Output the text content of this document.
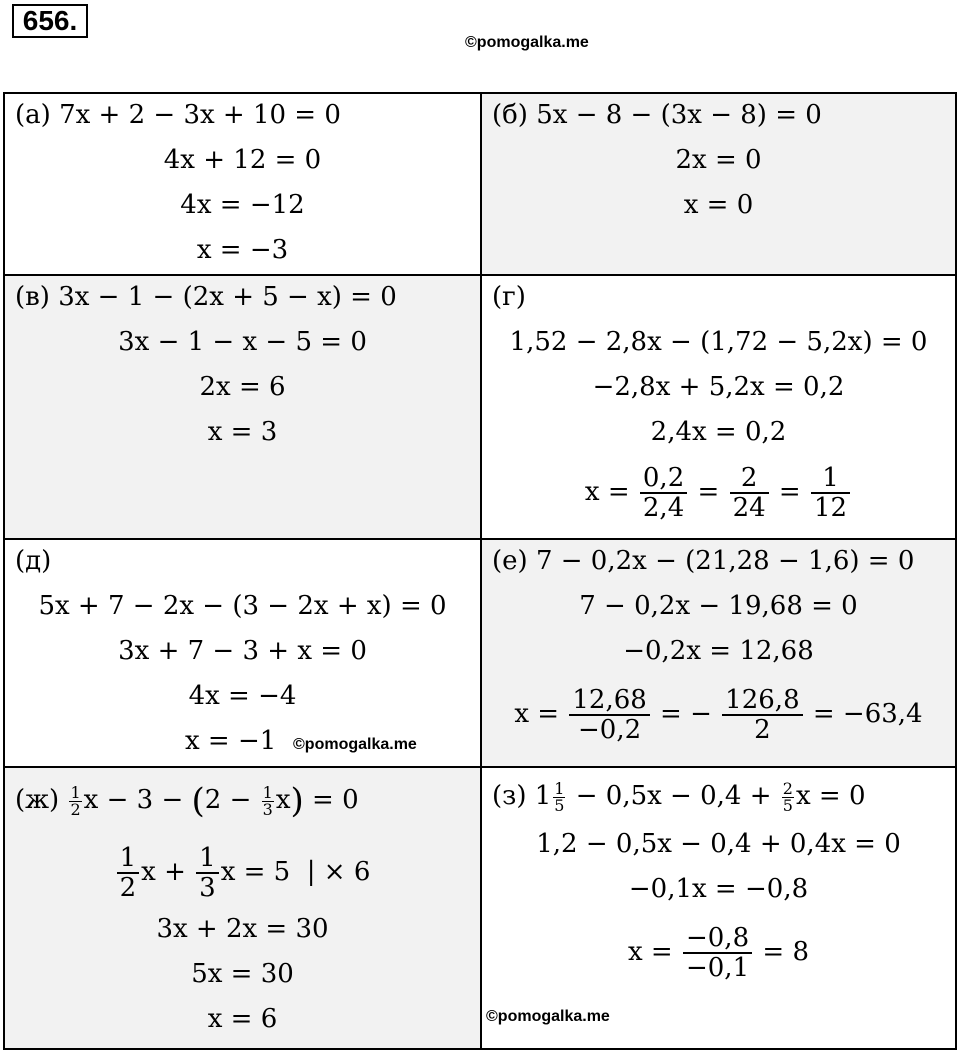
656.
©pomogalka.me
(а) 7x + 2 − 3x + 10 = 0
4x + 12 = 0
4x = −12
x = −3
(б) 5x − 8 − (3x − 8) = 0
2x = 0
x = 0
(в) 3x − 1 − (2x + 5 − x) = 0
3x − 1 − x − 5 = 0
2x = 6
x = 3
(г)
1,52 − 2,8x − (1,72 − 5,2x) = 0
−2,8x + 5,2x = 0,2
2,4x = 0,2
$x = \frac{0,2}{2,4} = \frac{2}{24} = \frac{1}{12}$
(д)
5x + 7 − 2x − (3 − 2x + x) = 0
3x + 7 − 3 + x = 0
4x = −4
x = −1 ©pomogalka.me
(е) 7 − 0,2x − (21,28 − 1,6) = 0
7 − 0,2x − 19,68 = 0
−0,2x = 12,68
$x = \frac{12,68}{-0,2}$ = − $\frac{126,8}{2} = -63,4$
$(ж) \frac{1}{2}$ $x - 3 - (2 - \frac{1}{3} x) = 0$
$\frac{1}{2}$ $x + \frac{1}{3}$ x = 5 | × 6
3x + 2x = 30
5x = 30
x = 6
(з) $1 \frac{1}{5} - 0,5x - 0,4 + \frac{2}{5}$ x = 0
1,2 − 0,5x − 0,4 + 0,4x = 0
−0,1x = −0,8
$x = \frac{-0,8}{-0,1} = 8$
©pomogalka.me
